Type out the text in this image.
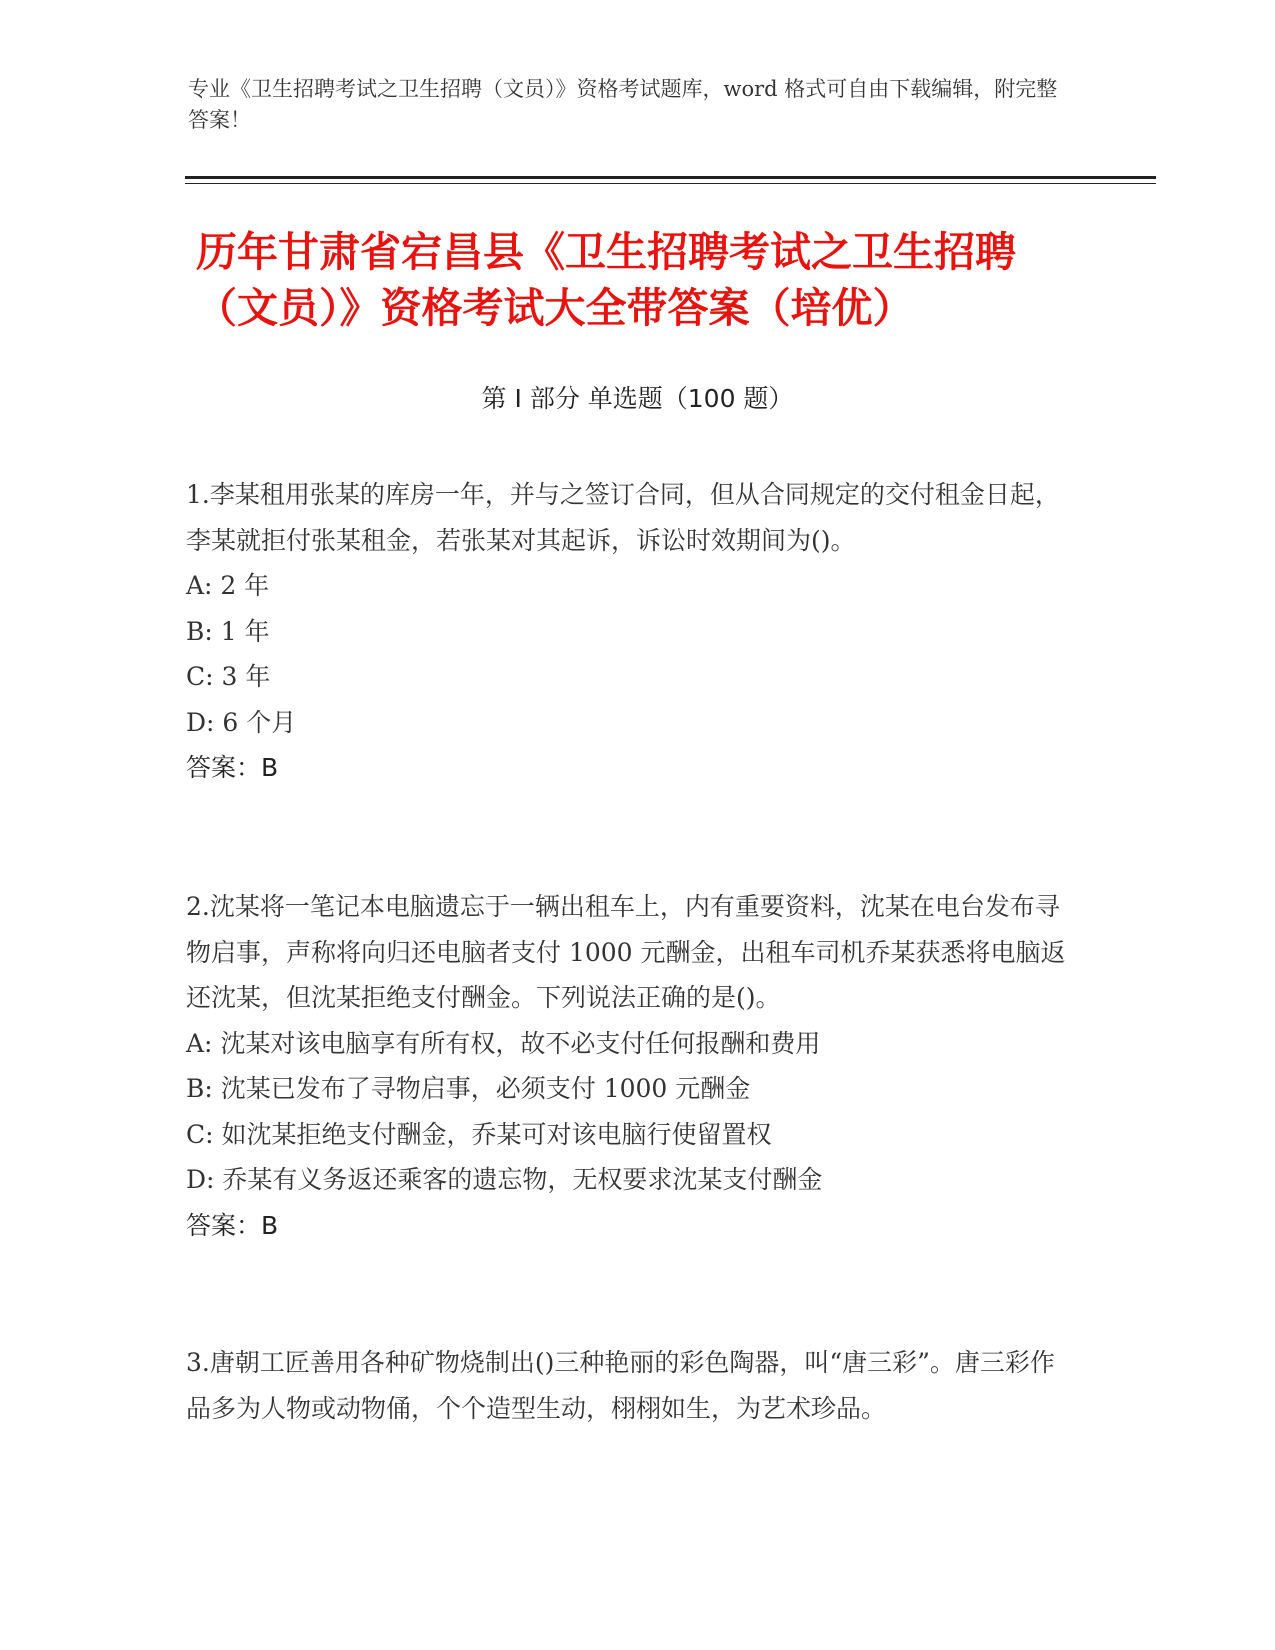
专业《卫生招聘考试之卫生招聘（文员）》资格考试题库，word 格式可自由下载编辑，附完整答案！
历年甘肃省宕昌县《卫生招聘考试之卫生招聘（文员）》资格考试大全带答案（培优）
第 I 部分 单选题（100 题）

1.李某租用张某的库房一年，并与之签订合同，但从合同规定的交付租金日起，李某就拒付张某租金，若张某对其起诉，诉讼时效期间为()。

A: 2 年

B: 1 年

C: 3 年

D: 6 个月

答案：B

2.沈某将一笔记本电脑遗忘于一辆出租车上，内有重要资料，沈某在电台发布寻物启事，声称将向归还电脑者支付 1000 元酬金，出租车司机乔某获悉将电脑返还沈某，但沈某拒绝支付酬金。下列说法正确的是()。

A: 沈某对该电脑享有所有权，故不必支付任何报酬和费用

B: 沈某已发布了寻物启事，必须支付 1000 元酬金

C: 如沈某拒绝支付酬金，乔某可对该电脑行使留置权

D: 乔某有义务返还乘客的遗忘物，无权要求沈某支付酬金

答案：B

3.唐朝工匠善用各种矿物烧制出()三种艳丽的彩色陶器，叫“唐三彩”。唐三彩作品多为人物或动物俑，个个造型生动，栩栩如生，为艺术珍品。
